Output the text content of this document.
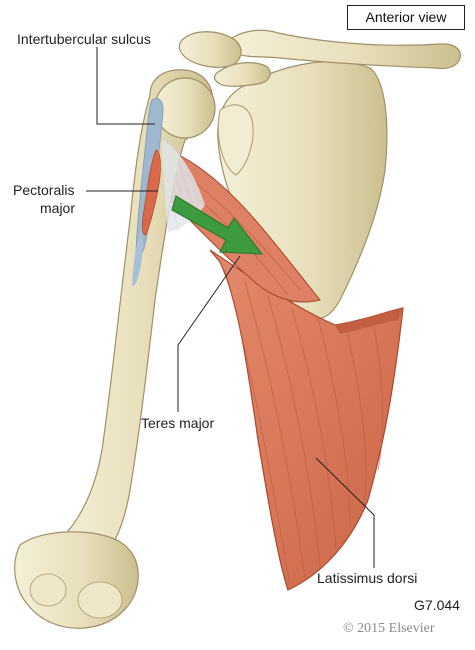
Anterior view
Intertubercular sulcus
Pectoralis
major
Teres major
Latissimus dorsi
G7.044
© 2015 Elsevier
